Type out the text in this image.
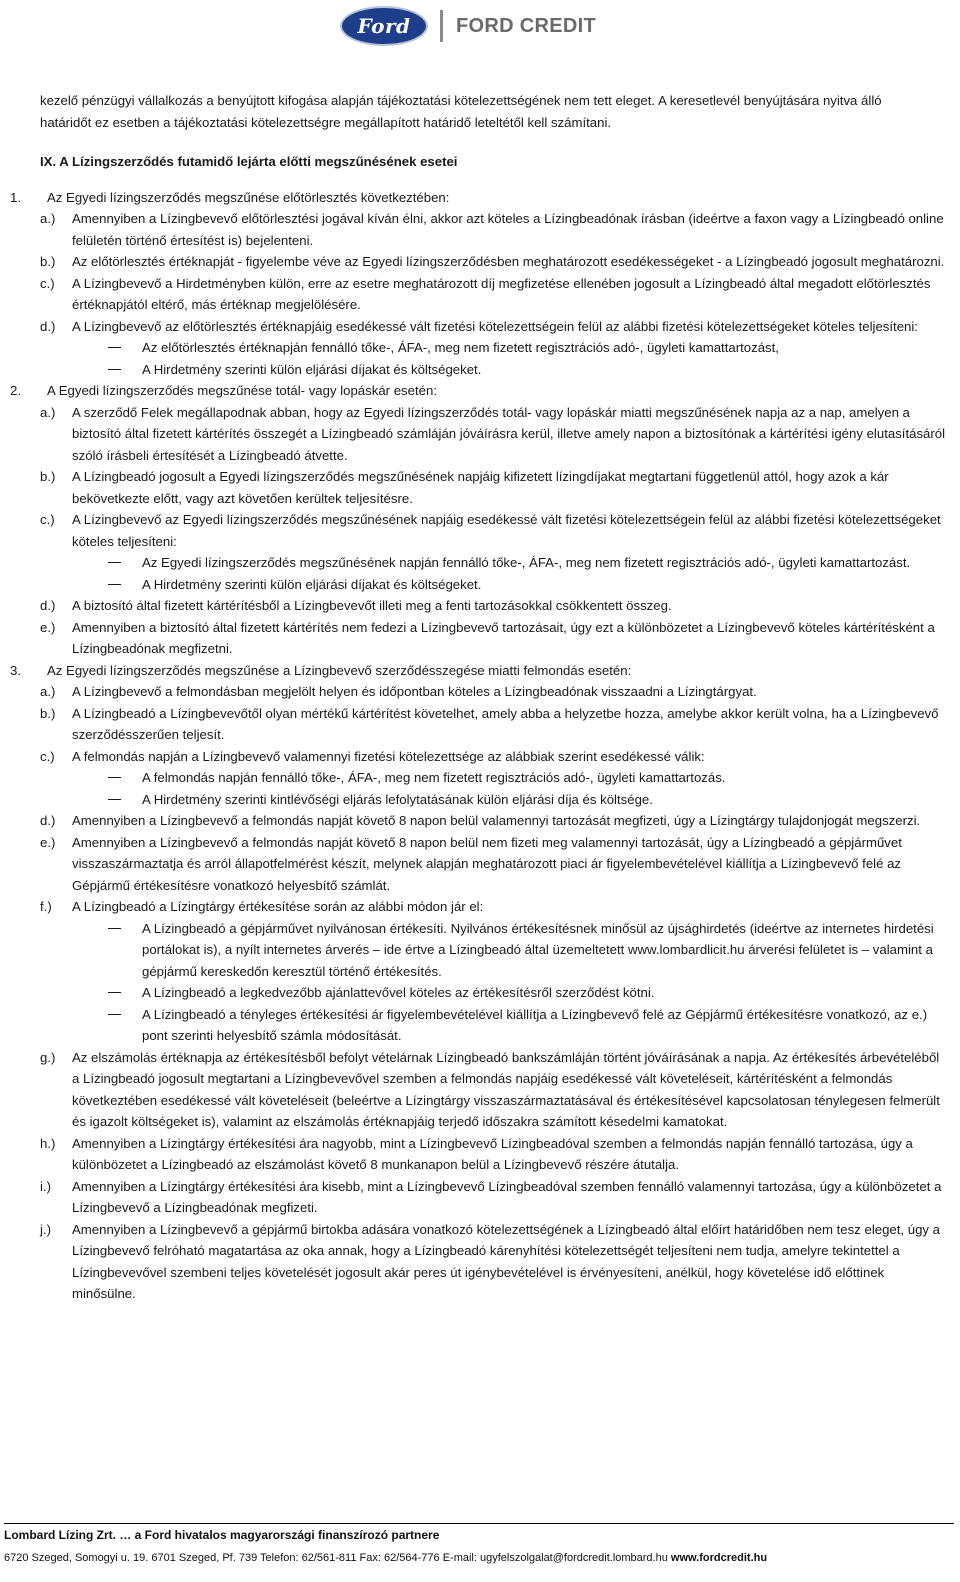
Ford FORD CREDIT

kezelő pénzügyi vállalkozás a benyújtott kifogása alapján tájékoztatási kötelezettségének nem tett eleget. A keresetlevél benyújtására nyitva álló határidőt ez esetben a tájékoztatási kötelezettségre megállapított határidő leteltétől kell számítani.

IX. A Lízingszerződés futamidő lejárta előtti megszűnésének esetei
1. Az Egyedi lízingszerződés megszűnése előtörlesztés következtében:
a.) Amennyiben a Lízingbevevő előtörlesztési jogával kíván élni, akkor azt köteles a Lízingbeadónak írásban (ideértve a faxon vagy a Lízingbeadó online felületén történő értesítést is) bejelenteni.
b.) Az előtörlesztés értéknapját - figyelembe véve az Egyedi lízingszerződésben meghatározott esedékességeket - a Lízingbeadó jogosult meghatározni.
c.) A Lízingbevevő a Hirdetményben külön, erre az esetre meghatározott díj megfizetése ellenében jogosult a Lízingbeadó által megadott előtörlesztés értéknapjától eltérő, más értéknap megjelölésére.
d.) A Lízingbevevő az előtörlesztés értéknapjáig esedékessé vált fizetési kötelezettségein felül az alábbi fizetési kötelezettségeket köteles teljesíteni:
Az előtörlesztés értéknapján fennálló tőke-, ÁFA-, meg nem fizetett regisztrációs adó-, ügyleti kamattartozást,
A Hirdetmény szerinti külön eljárási díjakat és költségeket.
2. A Egyedi lízingszerződés megszűnése totál- vagy lopáskár esetén:
a.) A szerződő Felek megállapodnak abban, hogy az Egyedi lízingszerződés totál- vagy lopáskár miatti megszűnésének napja az a nap, amelyen a biztosító által fizetett kártérítés összegét a Lízingbeadó számláján jóváírásra kerül, illetve amely napon a biztosítónak a kártérítési igény elutasításáról szóló írásbeli értesítését a Lízingbeadó átvette.
b.) A Lízingbeadó jogosult a Egyedi lízingszerződés megszűnésének napjáig kifizetett lízingdíjakat megtartani függetlenül attól, hogy azok a kár bekövetkezte előtt, vagy azt követően kerültek teljesítésre.
c.) A Lízingbevevő az Egyedi lízingszerződés megszűnésének napjáig esedékessé vált fizetési kötelezettségein felül az alábbi fizetési kötelezettségeket köteles teljesíteni:
Az Egyedi lízingszerződés megszűnésének napján fennálló tőke-, ÁFA-, meg nem fizetett regisztrációs adó-, ügyleti kamattartozást.
A Hirdetmény szerinti külön eljárási díjakat és költségeket.
d.) A biztosító által fizetett kártérítésből a Lízingbevevőt illeti meg a fenti tartozásokkal csökkentett összeg.
e.) Amennyiben a biztosító által fizetett kártérítés nem fedezi a Lízingbevevő tartozásait, úgy ezt a különbözetet a Lízingbevevő köteles kártérítésként a Lízingbeadónak megfizetni.
3. Az Egyedi lízingszerződés megszűnése a Lízingbevevő szerződésszegése miatti felmondás esetén:
a.) A Lízingbevevő a felmondásban megjelölt helyen és időpontban köteles a Lízingbeadónak visszaadni a Lízingtárgyat.
b.) A Lízingbeadó a Lízingbevevőtől olyan mértékű kártérítést követelhet, amely abba a helyzetbe hozza, amelybe akkor került volna, ha a Lízingbevevő szerződésszerűen teljesít.
c.) A felmondás napján a Lízingbevevő valamennyi fizetési kötelezettsége az alábbiak szerint esedékessé válik:
A felmondás napján fennálló tőke-, ÁFA-, meg nem fizetett regisztrációs adó-, ügyleti kamattartozás.
A Hirdetmény szerinti kintlévőségi eljárás lefolytatásának külön eljárási díja és költsége.
d.) Amennyiben a Lízingbevevő a felmondás napját követő 8 napon belül valamennyi tartozását megfizeti, úgy a Lízingtárgy tulajdonjogát megszerzi.
e.) Amennyiben a Lízingbevevő a felmondás napját követő 8 napon belül nem fizeti meg valamennyi tartozását, úgy a Lízingbeadó a gépjárművet visszaszármaztatja és arról állapotfelmérést készít, melynek alapján meghatározott piaci ár figyelembevételével kiállítja a Lízingbevevő felé az Gépjármű értékesítésre vonatkozó helyesbítő számlát.
f.) A Lízingbeadó a Lízingtárgy értékesítése során az alábbi módon jár el:
A Lízingbeadó a gépjárművet nyilvánosan értékesíti. Nyilvános értékesítésnek minősül az újsághirdetés (ideértve az internetes hirdetési portálokat is), a nyílt internetes árverés – ide értve a Lízingbeadó által üzemeltetett www.lombardlicit.hu árverési felületet is – valamint a gépjármű kereskedőn keresztül történő értékesítés.
A Lízingbeadó a legkedvezőbb ajánlattevővel köteles az értékesítésről szerződést kötni.
A Lízingbeadó a tényleges értékesítési ár figyelembevételével kiállítja a Lízingbevevő felé az Gépjármű értékesítésre vonatkozó, az e.) pont szerinti helyesbítő számla módosítását.
g.) Az elszámolás értéknapja az értékesítésből befolyt vételárnak Lízingbeadó bankszámláján történt jóváírásának a napja. Az értékesítés árbevételéből a Lízingbeadó jogosult megtartani a Lízingbevevővel szemben a felmondás napjáig esedékessé vált követeléseit, kártérítésként a felmondás következtében esedékessé vált követeléseit (beleértve a Lízingtárgy visszaszármaztatásával és értékesítésével kapcsolatosan ténylegesen felmerült és igazolt költségeket is), valamint az elszámolás értéknapjáig terjedő időszakra számított késedelmi kamatokat.
h.) Amennyiben a Lízingtárgy értékesítési ára nagyobb, mint a Lízingbevevő Lízingbeadóval szemben a felmondás napján fennálló tartozása, úgy a különbözetet a Lízingbeadó az elszámolást követő 8 munkanapon belül a Lízingbevevő részére átutalja.
i.) Amennyiben a Lízingtárgy értékesítési ára kisebb, mint a Lízingbevevő Lízingbeadóval szemben fennálló valamennyi tartozása, úgy a különbözetet a Lízingbevevő a Lízingbeadónak megfizeti.
j.) Amennyiben a Lízingbevevő a gépjármű birtokba adására vonatkozó kötelezettségének a Lízingbeadó által előírt határidőben nem tesz eleget, úgy a Lízingbevevő felróható magatartása az oka annak, hogy a Lízingbeadó kárenyhítési kötelezettségét teljesíteni nem tudja, amelyre tekintettel a Lízingbevevővel szembeni teljes követelését jogosult akár peres út igénybevételével is érvényesíteni, anélkül, hogy követelése idő előttinek minősülne.
Lombard Lízing Zrt. … a Ford hivatalos magyarországi finanszírozó partnere
6720 Szeged, Somogyi u. 19. 6701 Szeged, Pf. 739 Telefon: 62/561-811 Fax: 62/564-776 E-mail: ugyfelszolgalat@fordcredit.lombard.hu www.fordcredit.hu
